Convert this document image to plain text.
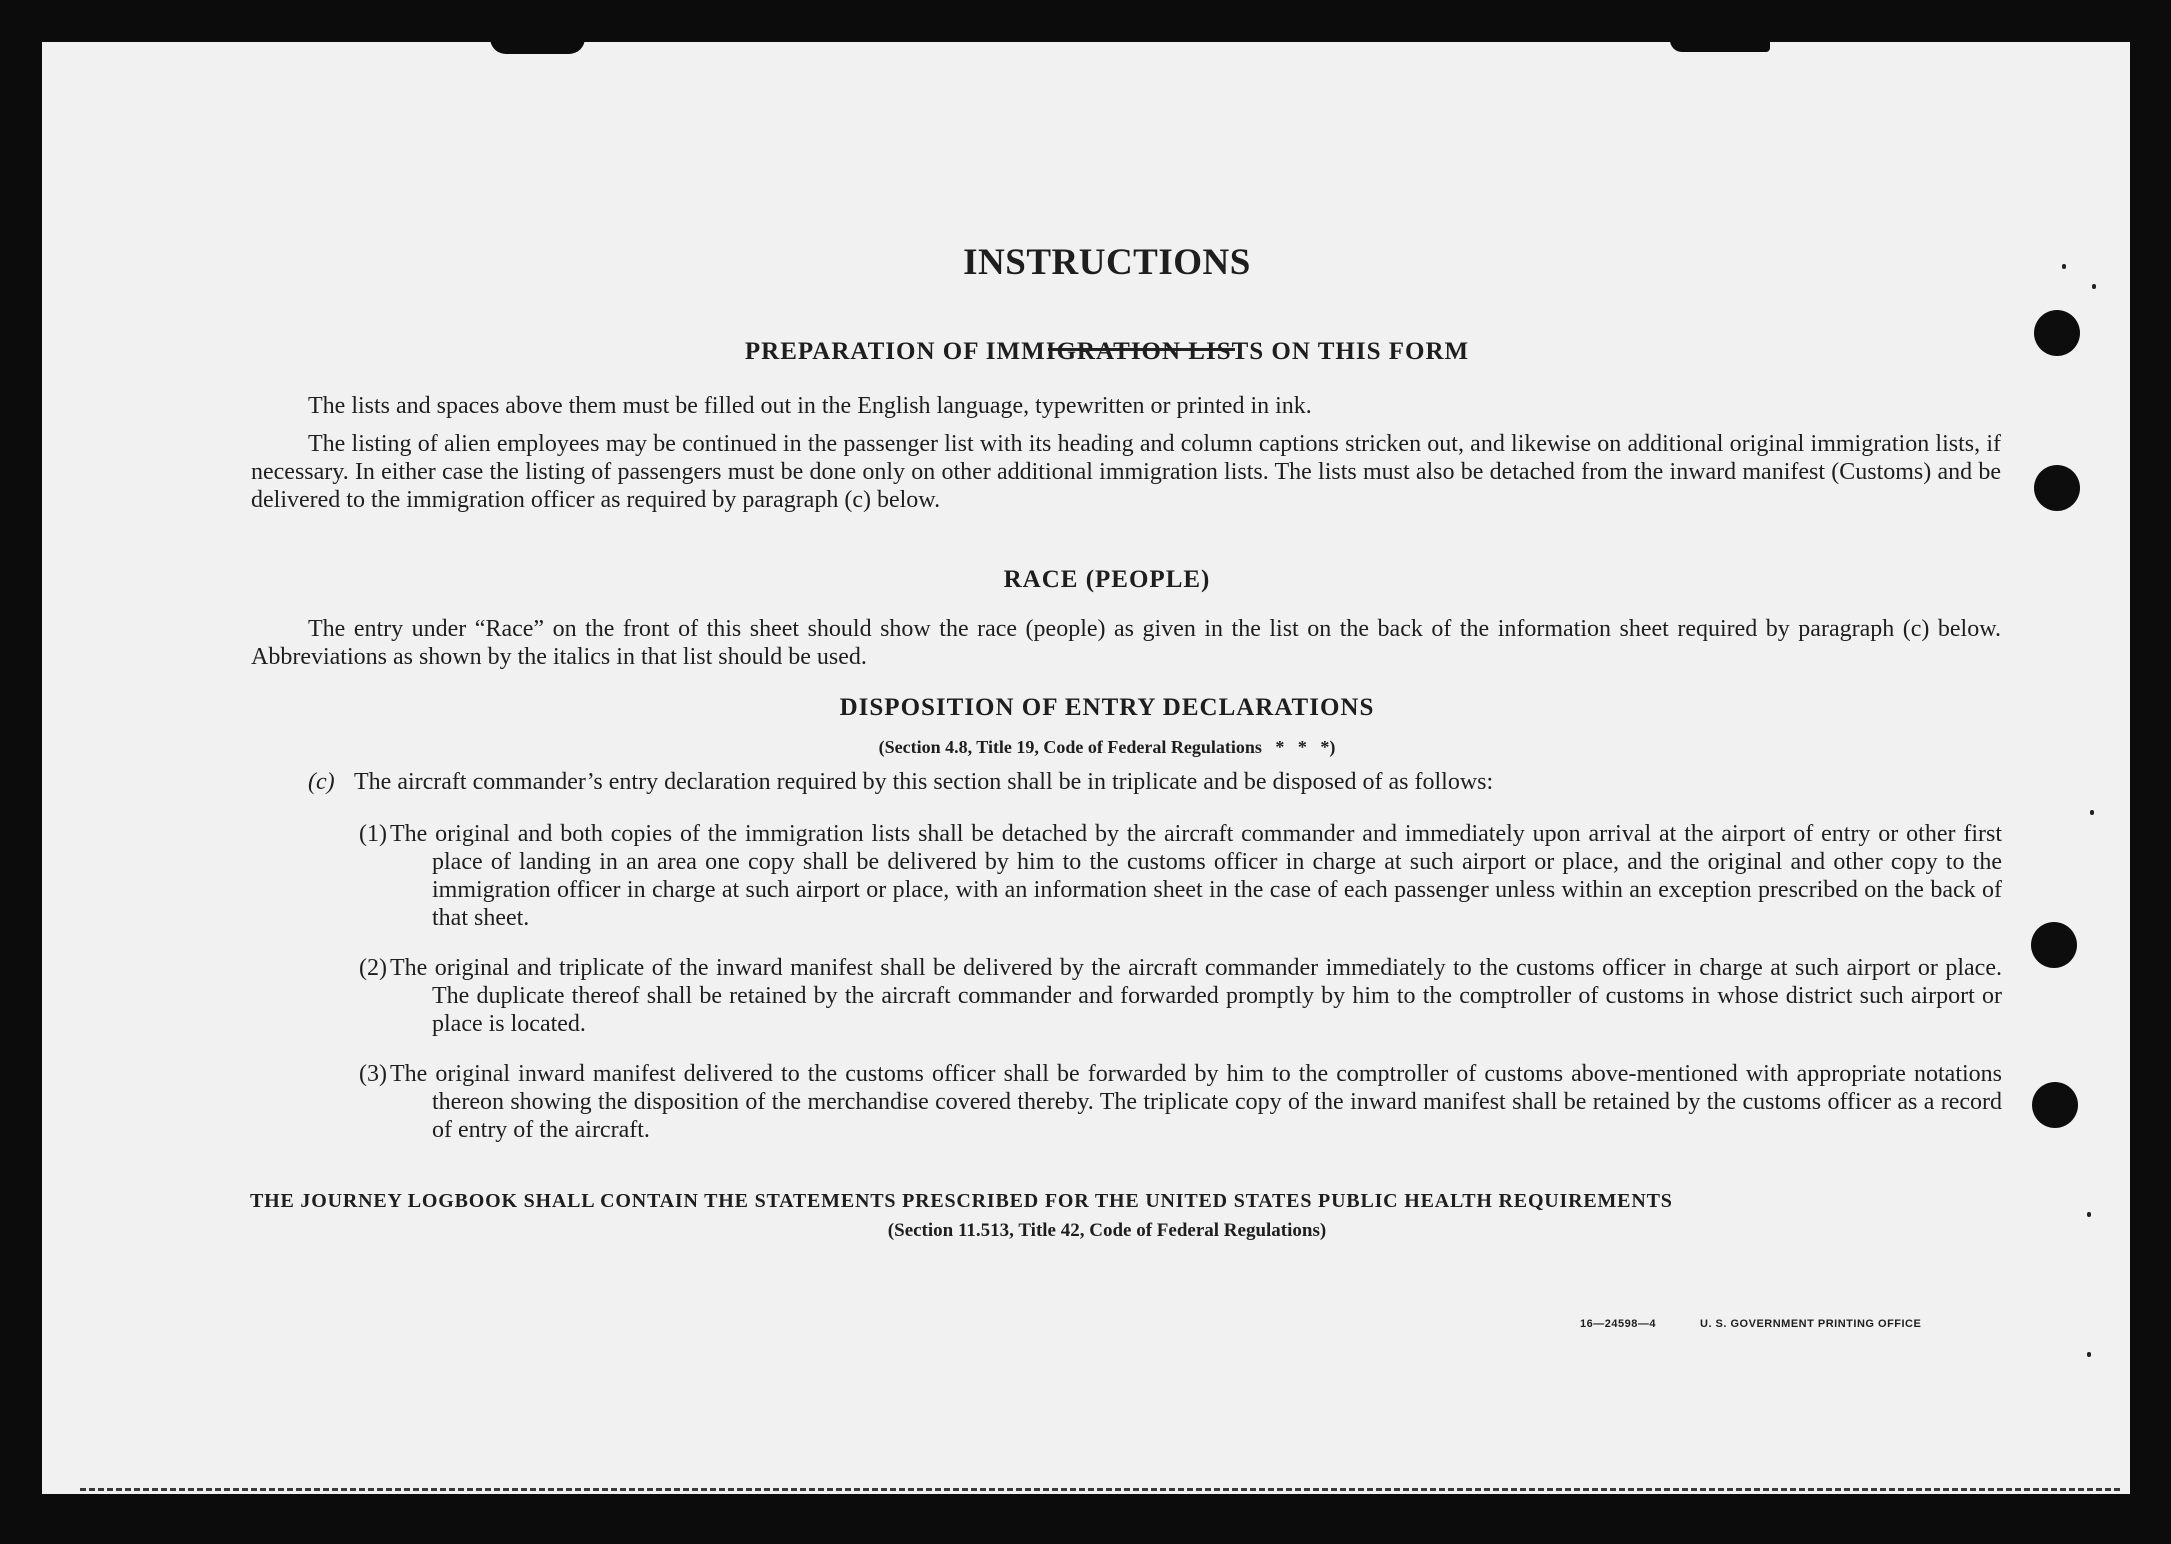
INSTRUCTIONS
PREPARATION OF IMMIGRATION LISTS ON THIS FORM
The lists and spaces above them must be filled out in the English language, typewritten or printed in ink.
The listing of alien employees may be continued in the passenger list with its heading and column captions stricken out, and likewise on additional original immigration lists, if necessary. In either case the listing of passengers must be done only on other additional immigration lists. The lists must also be detached from the inward manifest (Customs) and be delivered to the immigration officer as required by paragraph (c) below.
RACE (PEOPLE)
The entry under “Race” on the front of this sheet should show the race (people) as given in the list on the back of the information sheet required by paragraph (c) below. Abbreviations as shown by the italics in that list should be used.
DISPOSITION OF ENTRY DECLARATIONS
(Section 4.8, Title 19, Code of Federal Regulations   *   *   *)
(c) The aircraft commander’s entry declaration required by this section shall be in triplicate and be disposed of as follows:
(1) The original and both copies of the immigration lists shall be detached by the aircraft commander and immediately upon arrival at the airport of entry or other first place of landing in an area one copy shall be delivered by him to the customs officer in charge at such airport or place, and the original and other copy to the immigration officer in charge at such airport or place, with an information sheet in the case of each passenger unless within an exception prescribed on the back of that sheet.
(2) The original and triplicate of the inward manifest shall be delivered by the aircraft commander immediately to the customs officer in charge at such airport or place. The duplicate thereof shall be retained by the aircraft commander and forwarded promptly by him to the comptroller of customs in whose district such airport or place is located.
(3) The original inward manifest delivered to the customs officer shall be forwarded by him to the comptroller of customs above-mentioned with appropriate notations thereon showing the disposition of the merchandise covered thereby. The triplicate copy of the inward manifest shall be retained by the customs officer as a record of entry of the aircraft.
THE JOURNEY LOGBOOK SHALL CONTAIN THE STATEMENTS PRESCRIBED FOR THE UNITED STATES PUBLIC HEALTH REQUIREMENTS
(Section 11.513, Title 42, Code of Federal Regulations)
16—24598—4	U. S. GOVERNMENT PRINTING OFFICE
